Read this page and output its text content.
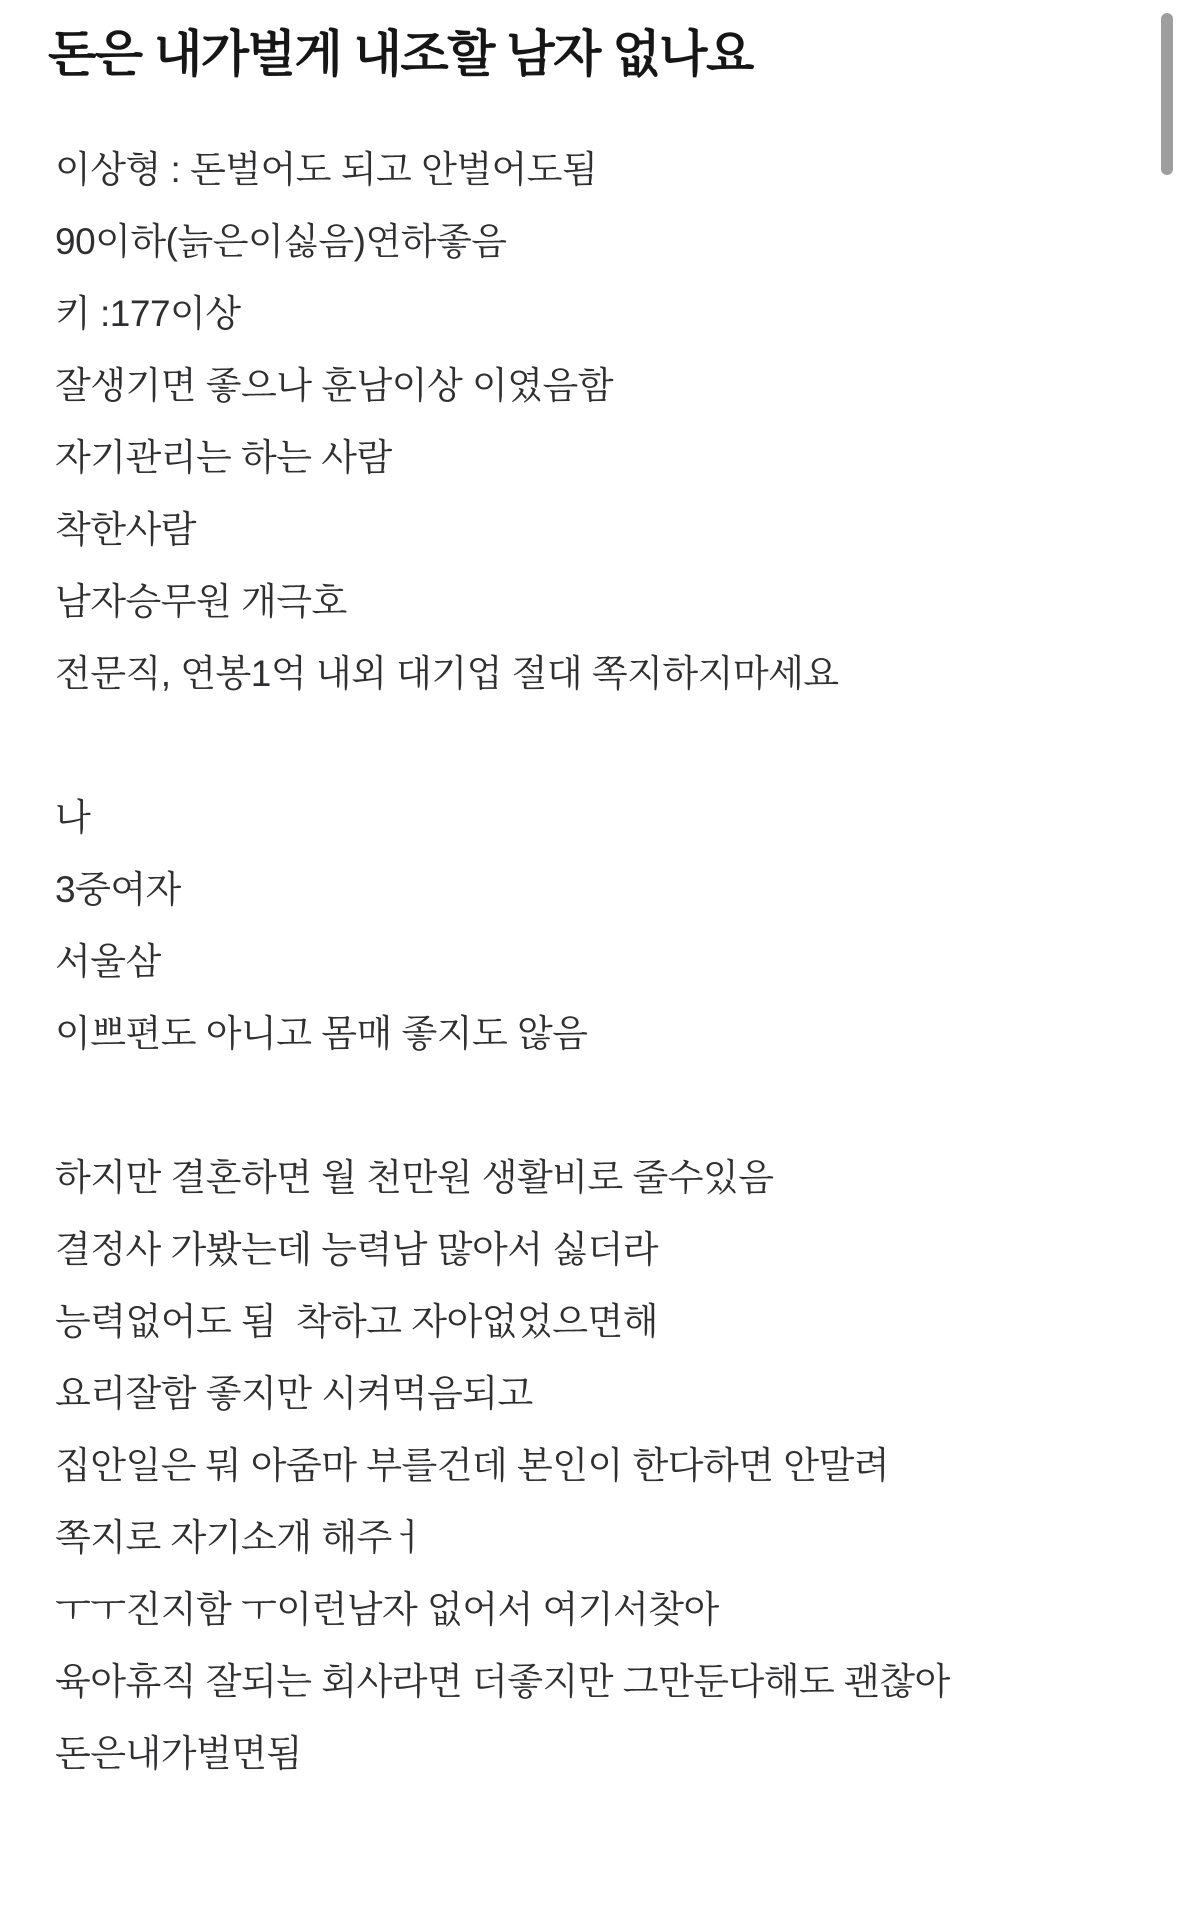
돈은 내가벌게 내조할 남자 없나요
이상형 : 돈벌어도 되고 안벌어도됨
90이하(늙은이싫음)연하좋음
키 :177이상
잘생기면 좋으나 훈남이상 이였음함
자기관리는 하는 사람
착한사람
남자승무원 개극호
전문직, 연봉1억 내외 대기업 절대 쪽지하지마세요

나
3중여자
서울삼
이쁘편도 아니고 몸매 좋지도 않음

하지만 결혼하면 월 천만원 생활비로 줄수있음
결정사 가봤는데 능력남 많아서 싫더라
능력없어도 됨  착하고 자아없었으면해
요리잘함 좋지만 시켜먹음되고
집안일은 뭐 아줌마 부를건데 본인이 한다하면 안말려
쪽지로 자기소개 해주ㅓ
ㅜㅜ진지함 ㅜ이런남자 없어서 여기서찾아
육아휴직 잘되는 회사라면 더좋지만 그만둔다해도 괜찮아
돈은내가벌면됨
